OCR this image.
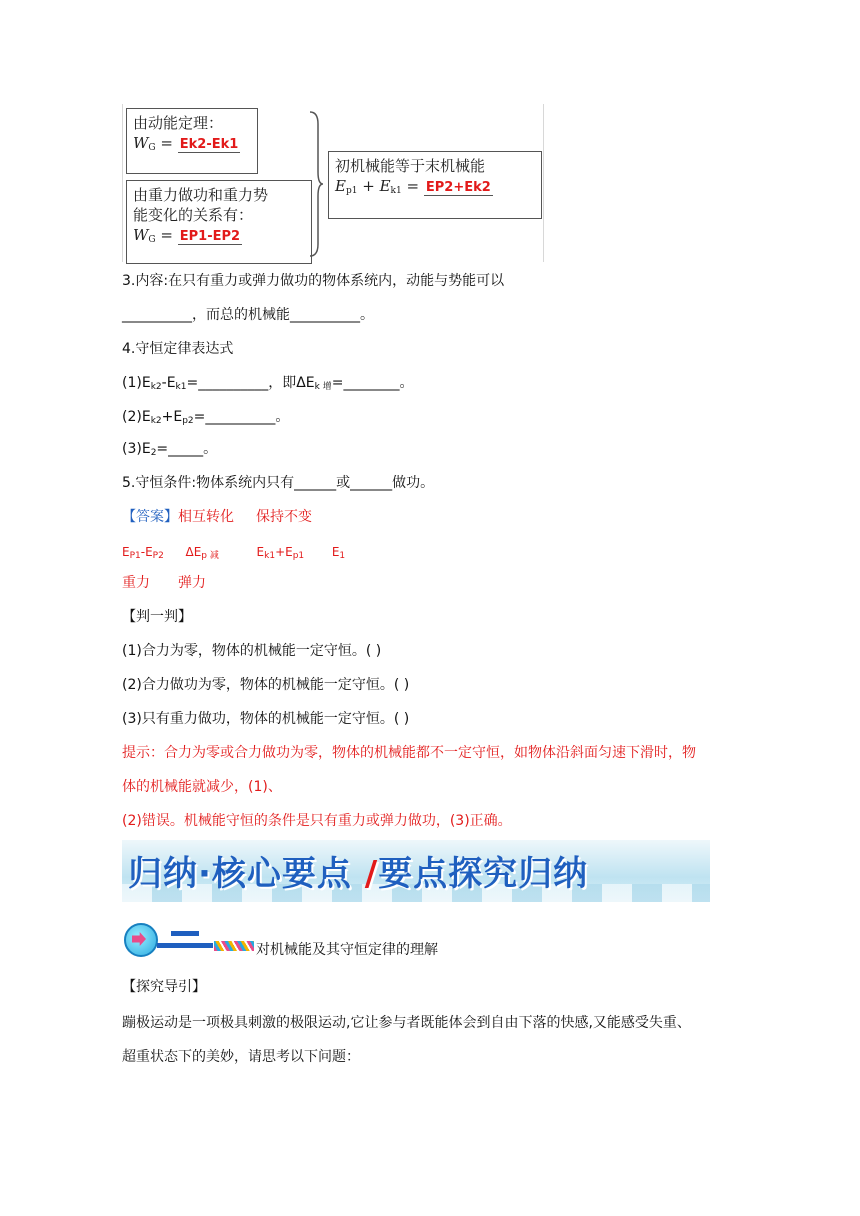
由动能定理：
$W_G = Ek2-Ek1$
由重力做功和重力势
能变化的关系有：
$W_G = EP1-EP2$
初机械能等于末机械能
$E_{p1} + E_{k1} = EP2+Ek2$
3.内容:在只有重力或弹力做功的物体系统内，动能与势能可以
__________，而总的机械能__________。
4.守恒定律表达式
$(1)E_{k2}-E_{k1}=\_\_\_\_\_\_\_\_\_\_$，即$\Delta E_{k 增}=\_\_\_\_\_\_\_\_$。
$(2)E_{k2}+E_{p2}=\_\_\_\_\_\_\_\_\_\_$。
$(3)E_2=\_\_\_\_\_$。
5.守恒条件:物体系统内只有______或______做功。
【答案】相互转化 保持不变
$E_{P1}-E_{P2}$ $\Delta E_{p 减}$	$E_{k1}+E_{p1}$ $E_1$
重力 弹力
【判一判】
(1)合力为零，物体的机械能一定守恒。( )
(2)合力做功为零，物体的机械能一定守恒。( )
(3)只有重力做功，物体的机械能一定守恒。( )
提示：合力为零或合力做功为零，物体的机械能都不一定守恒，如物体沿斜面匀速下滑时，物
体的机械能就减少，(1)、
(2)错误。机械能守恒的条件是只有重力或弹力做功，(3)正确。
归纳·核心要点 /要点探究归纳
对机械能及其守恒定律的理解
【探究导引】
蹦极运动是一项极具刺激的极限运动,它让参与者既能体会到自由下落的快感,又能感受失重、
超重状态下的美妙，请思考以下问题：
